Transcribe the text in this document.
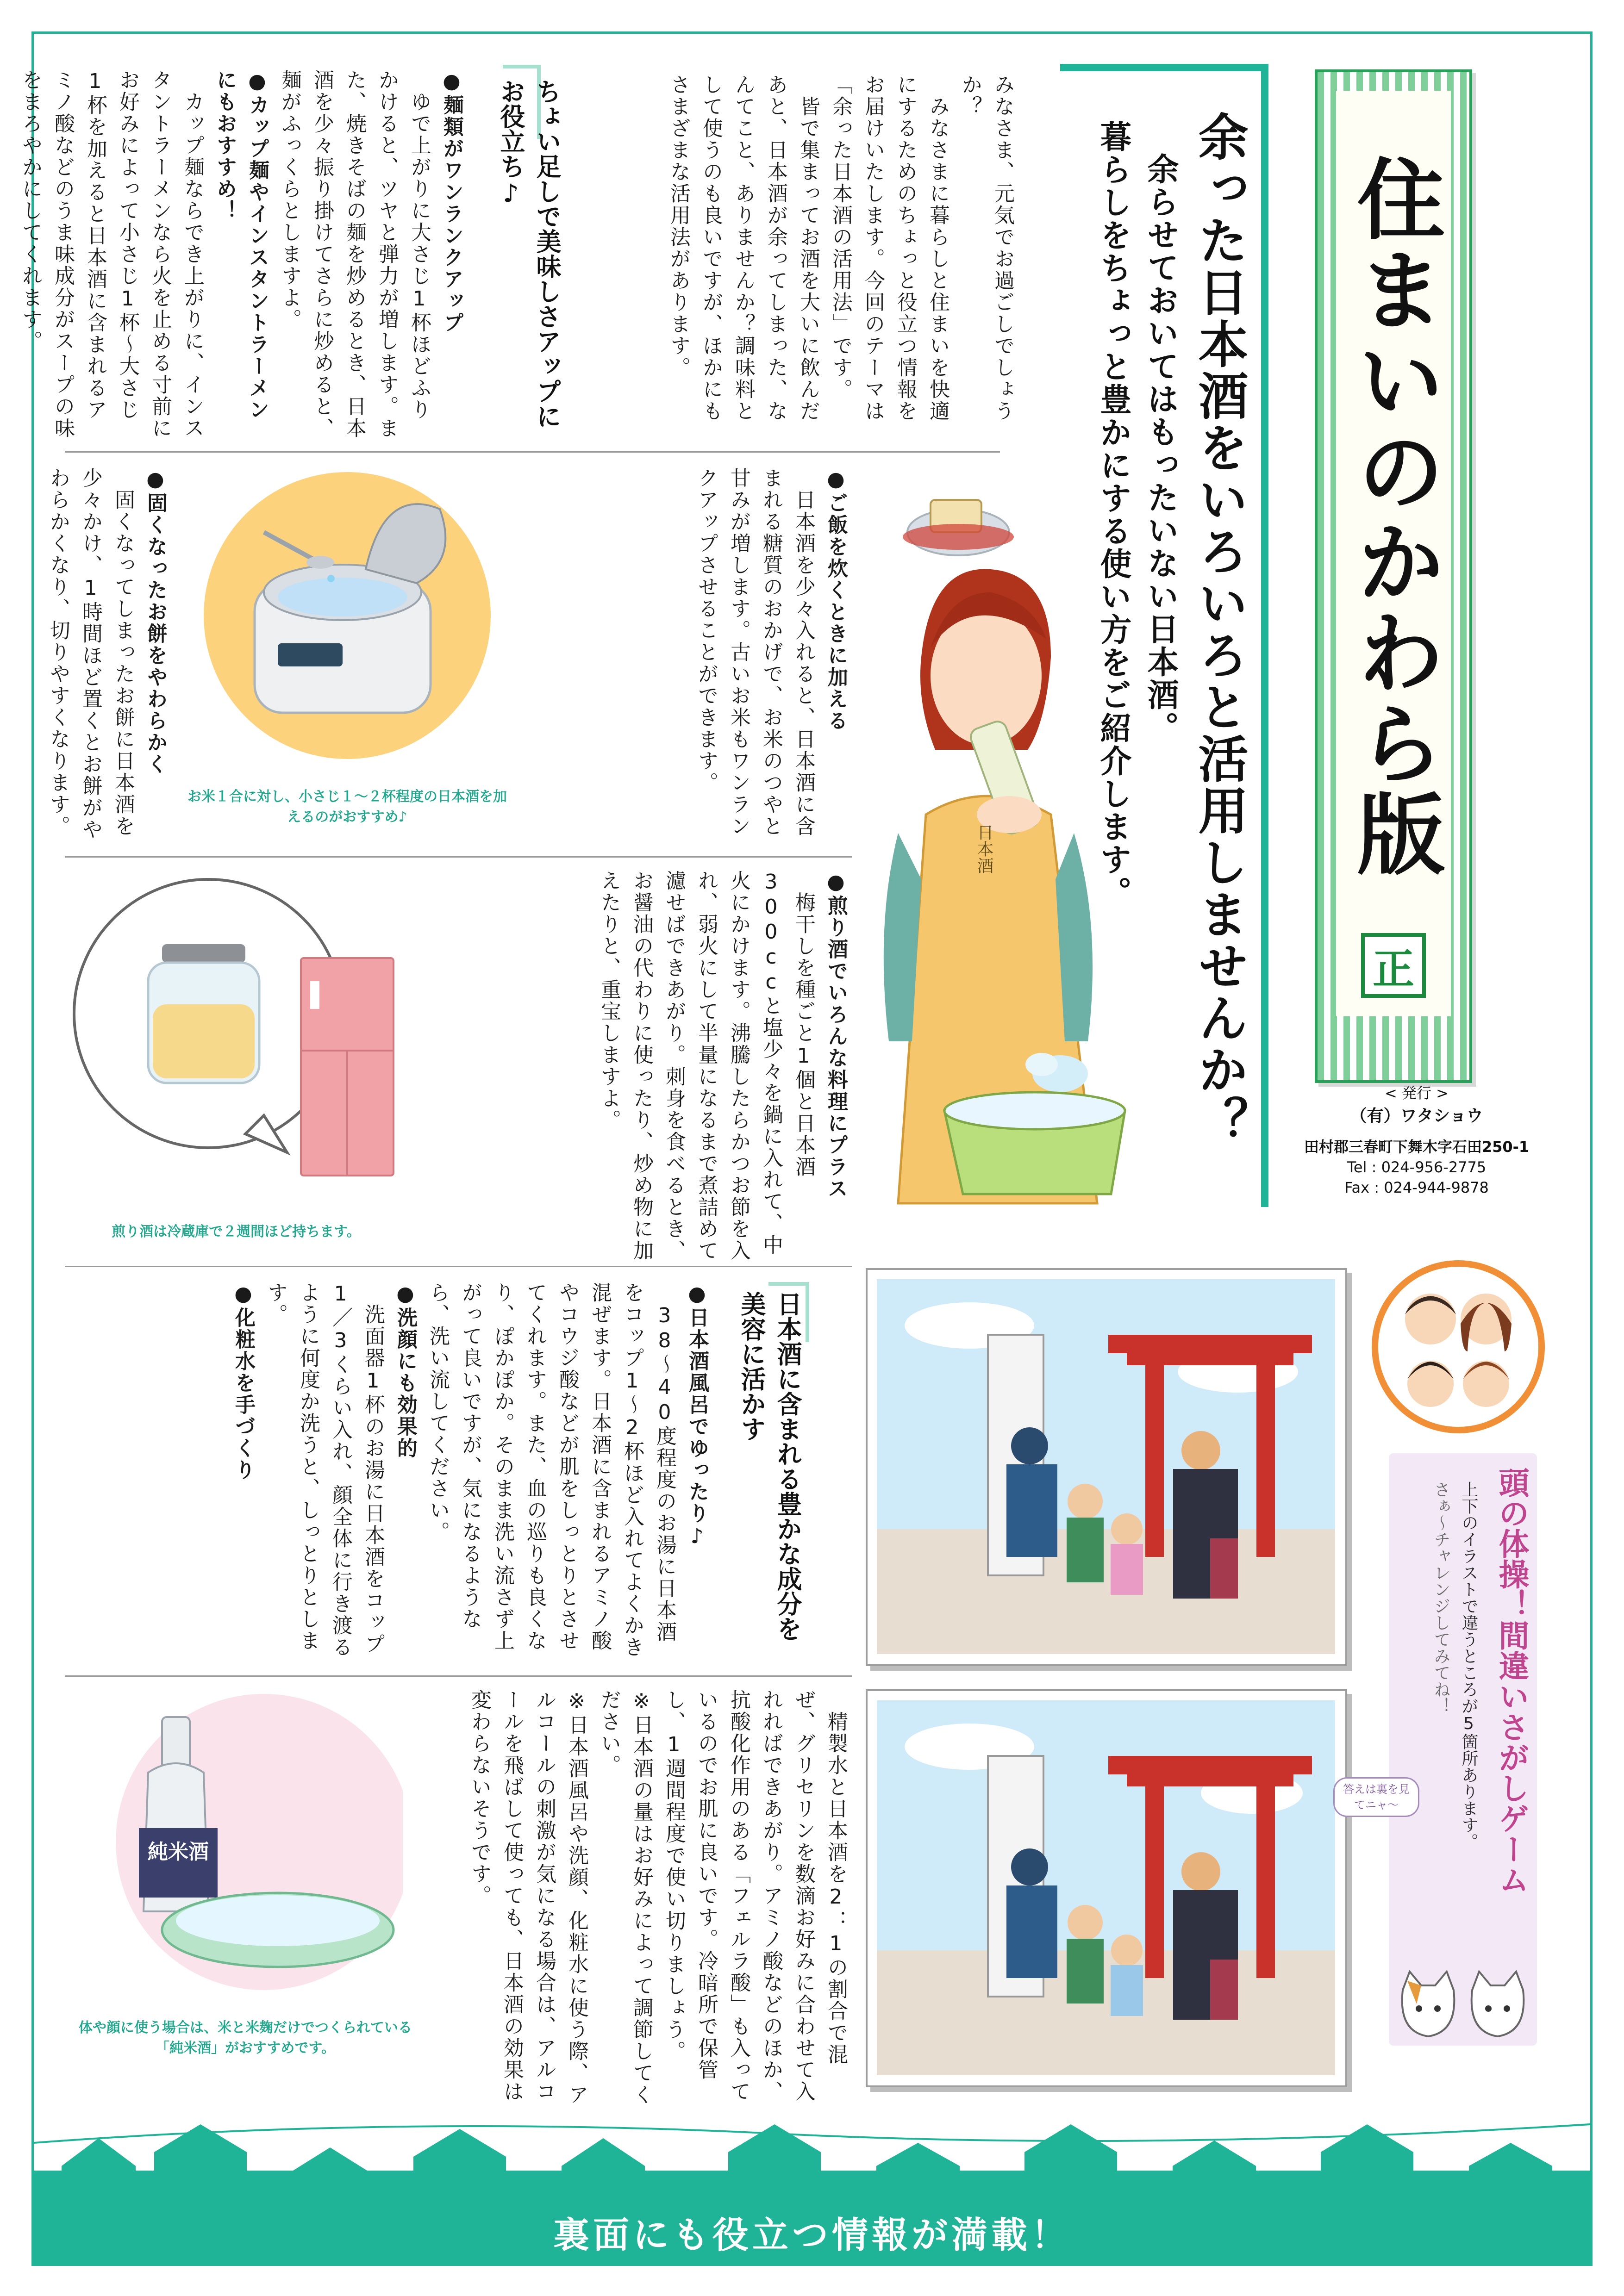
住まいのかわら版
正
< 発行 >
（有）ワタショウ
田村郡三春町下舞木字石田250-1
Tel : 024-956-2775
Fax : 024-944-9878
余った日本酒をいろいろと活用しませんか？
余らせておいてはもったいない日本酒。
暮らしをちょっと豊かにする使い方をご紹介します。

みなさま、元気でお過ごしでしょうか？

　みなさまに暮らしと住まいを快適にするためのちょっと役立つ情報をお届けいたします。今回のテーマは「余った日本酒の活用法」です。

　皆で集まってお酒を大いに飲んだあと、日本酒が余ってしまった、なんてこと、ありませんか？調味料として使うのも良いですが、ほかにもさまざまな活用法があります。

ちょい足しで美味しさアップにお役立ち♪

●麺類がワンランクアップ

　ゆで上がりに大さじ1杯ほどふりかけると、ツヤと弾力が増します。また、焼きそばの麺を炒めるとき、日本酒を少々振り掛けてさらに炒めると、麺がふっくらとしますよ。

●カップ麺やインスタントラーメンにもおすすめ！

　カップ麺ならでき上がりに、インスタントラーメンなら火を止める寸前にお好みによって小さじ1杯～大さじ1杯を加えると日本酒に含まれるアミノ酸などのうま味成分がスープの味をまろやかにしてくれます。

●ご飯を炊くときに加える

　日本酒を少々入れると、日本酒に含まれる糖質のおかげで、お米のつやと甘みが増します。古いお米もワンランクアップさせることができます。

●固くなったお餅をやわらかく

　固くなってしまったお餅に日本酒を少々かけ、1時間ほど置くとお餅がやわらかくなり、切りやすくなります。	お米１合に対し、小さじ１～２杯程度の日本酒を加えるのがおすすめ♪

●煎り酒でいろんな料理にプラス

　梅干しを種ごと1個と日本酒300ccと塩少々を鍋に入れて、中火にかけます。沸騰したらかつお節を入れ、弱火にして半量になるまで煮詰めて濾せばできあがり。刺身を食べるとき、お醤油の代わりに使ったり、炒め物に加えたりと、重宝しますよ。

煎り酒は冷蔵庫で２週間ほど持ちます。
日本酒
日本酒に含まれる豊かな成分を美容に活かす

●日本酒風呂でゆったり♪

　38～40度程度のお湯に日本酒をコップ1～2杯ほど入れてよくかき混ぜます。日本酒に含まれるアミノ酸やコウジ酸などが肌をしっとりとさせてくれます。また、血の巡りも良くなり、ぽかぽか。そのまま洗い流さず上がって良いですが、気になるようなら、洗い流してください。

●洗顔にも効果的

　洗面器1杯のお湯に日本酒をコップ1／3くらい入れ、顔全体に行き渡るように何度か洗うと、しっとりとします。

●化粧水を手づくり

　精製水と日本酒を2：1の割合で混ぜ、グリセリンを数滴お好みに合わせて入れればできあがり。アミノ酸などのほか、抗酸化作用のある「フェルラ酸」も入っているのでお肌に良いです。冷暗所で保管し、1週間程度で使い切りましょう。

※日本酒の量はお好みによって調節してください。

※日本酒風呂や洗顔、化粧水に使う際、アルコールの刺激が気になる場合は、アルコールを飛ばして使っても、日本酒の効果は変わらないそうです。

純米酒
体や顔に使う場合は、米と米麹だけでつくられている「純米酒」がおすすめです。
頭の体操！間違いさがしゲーム
上下のイラストで違うところが5箇所あります。
さぁ～チャレンジしてみてね！
答えは裏を見てニャ～
裏面にも役立つ情報が満載！
